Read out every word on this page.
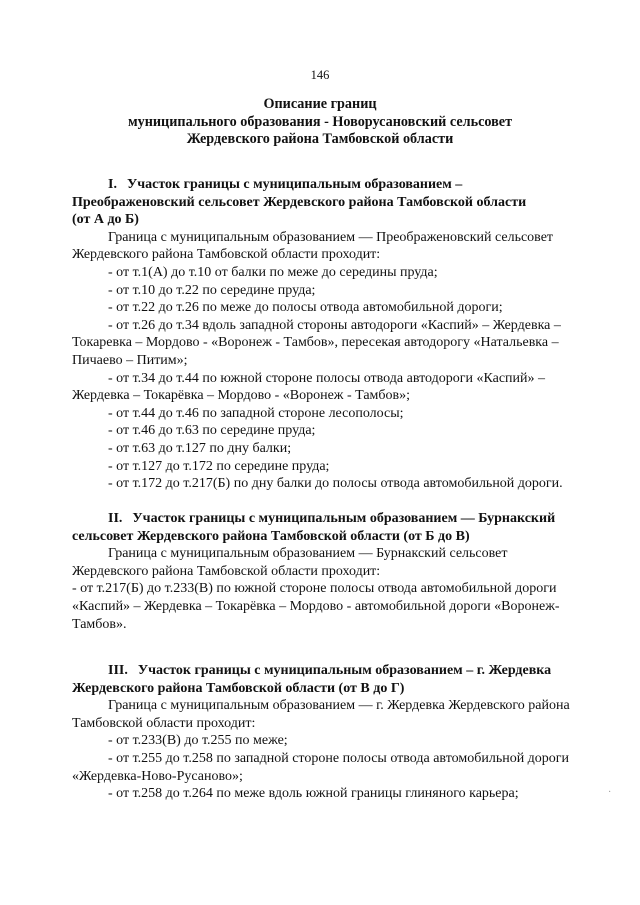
146
Описание границ
муниципального образования - Новорусановский сельсовет
Жердевского района Тамбовской области
I. Участок границы с муниципальным образованием –
Преображеновский сельсовет Жердевского района Тамбовской области
(от А до Б)
Граница с муниципальным образованием — Преображеновский сельсовет
Жердевского района Тамбовской области проходит:
- от т.1(А) до т.10 от балки по меже до середины пруда;
- от т.10 до т.22 по середине пруда;
- от т.22 до т.26 по меже до полосы отвода автомобильной дороги;
- от т.26 до т.34 вдоль западной стороны автодороги «Каспий» – Жердевка –
Токаревка – Мордово - «Воронеж - Тамбов», пересекая автодорогу «Натальевка –
Пичаево – Питим»;
- от т.34 до т.44 по южной стороне полосы отвода автодороги «Каспий» –
Жердевка – Токарёвка – Мордово - «Воронеж - Тамбов»;
- от т.44 до т.46 по западной стороне лесополосы;
- от т.46 до т.63 по середине пруда;
- от т.63 до т.127 по дну балки;
- от т.127 до т.172 по середине пруда;
- от т.172 до т.217(Б) по дну балки до полосы отвода автомобильной дороги.
II. Участок границы с муниципальным образованием — Бурнакский
сельсовет Жердевского района Тамбовской области (от Б до В)
Граница с муниципальным образованием — Бурнакский сельсовет
Жердевского района Тамбовской области проходит:
- от т.217(Б) до т.233(В) по южной стороне полосы отвода автомобильной дороги
«Каспий» – Жердевка – Токарёвка – Мордово - автомобильной дороги «Воронеж-
Тамбов».
III. Участок границы с муниципальным образованием – г. Жердевка
Жердевского района Тамбовской области (от В до Г)
Граница с муниципальным образованием — г. Жердевка Жердевского района
Тамбовской области проходит:
- от т.233(В) до т.255 по меже;
- от т.255 до т.258 по западной стороне полосы отвода автомобильной дороги
«Жердевка-Ново-Русаново»;
- от т.258 до т.264 по меже вдоль южной границы глиняного карьера;	·
